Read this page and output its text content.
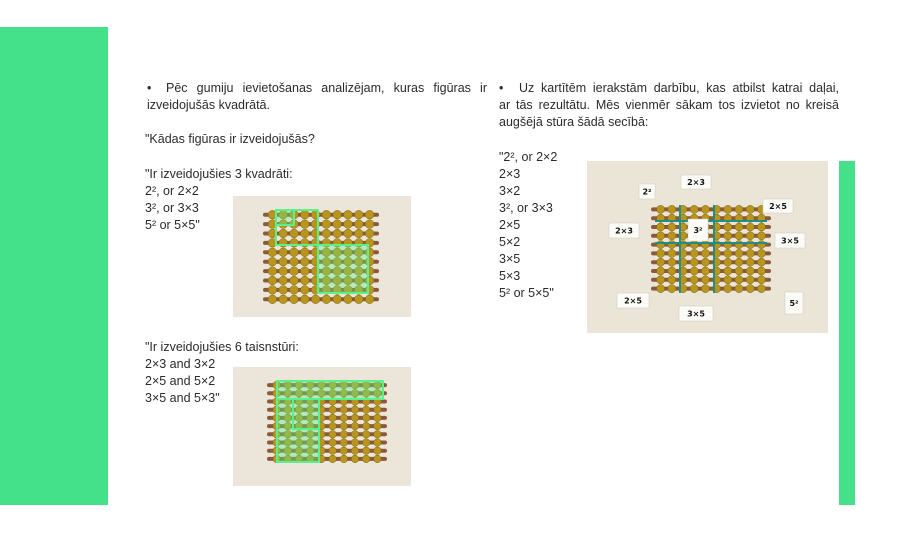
•	Pēc gumiju ievietošanas analizējam, kuras figūras ir
izveidojušās kvadrātā.
"Kādas figūras ir izveidojušās?
"Ir izveidojušies 3 kvadrāti:
2², or 2×2
3², or 3×3
5² or 5×5"
"Ir izveidojušies 6 taisnstūri:
2×3 and 3×2
2×5 and 5×2
3×5 and 5×3"
•	Uz kartītēm ierakstām darbību, kas atbilst katrai daļai,
ar tās rezultātu. Mēs vienmēr sākam tos izvietot no kreisā
augšējā stūra šādā secībā:
"2², or 2×2
2×3
3×2
3², or 3×3
2×5
5×2
3×5
5×3
5² or 5×5"
2²
2×3
2×5
2×3	3²
3×5
2×5
3×5
5²
